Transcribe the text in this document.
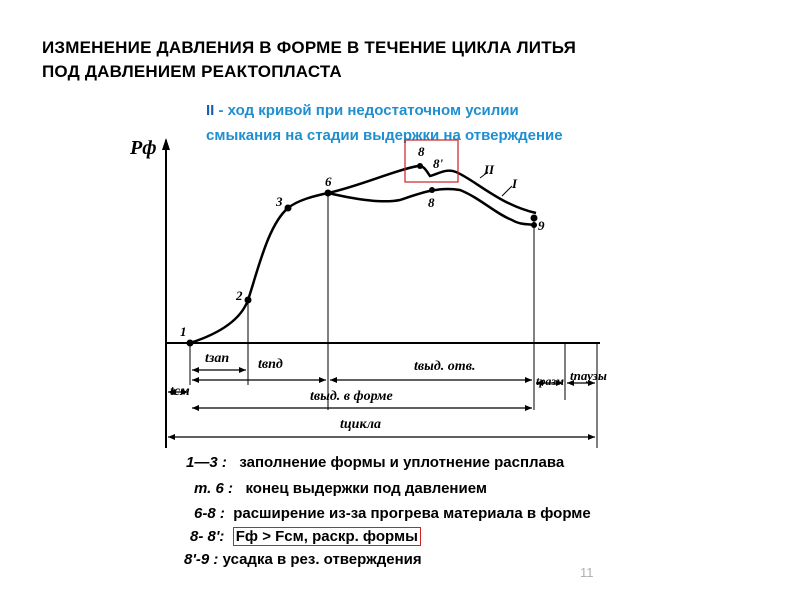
ИЗМЕНЕНИЕ ДАВЛЕНИЯ В ФОРМЕ В ТЕЧЕНИЕ ЦИКЛА ЛИТЬЯ
ПОД ДАВЛЕНИЕМ РЕАКТОПЛАСТА
II - ход кривой при недостаточном усилии
смыкания на стадии выдержки на отверждение
Рф
1
2
3
6
8
8'
8
9
II
I
tзап tвпд	tвыд. отв.
tсм
tразм tпаузы
tвыд. в форме
tцикла
1—3 : заполнение формы и уплотнение расплава
т. 6 : конец выдержки под давлением
6-8 : расширение из-за прогрева материала в форме
8- 8': Fф > Fсм, раскр. формы
8'-9 : усадка в рез. отверждения
11
